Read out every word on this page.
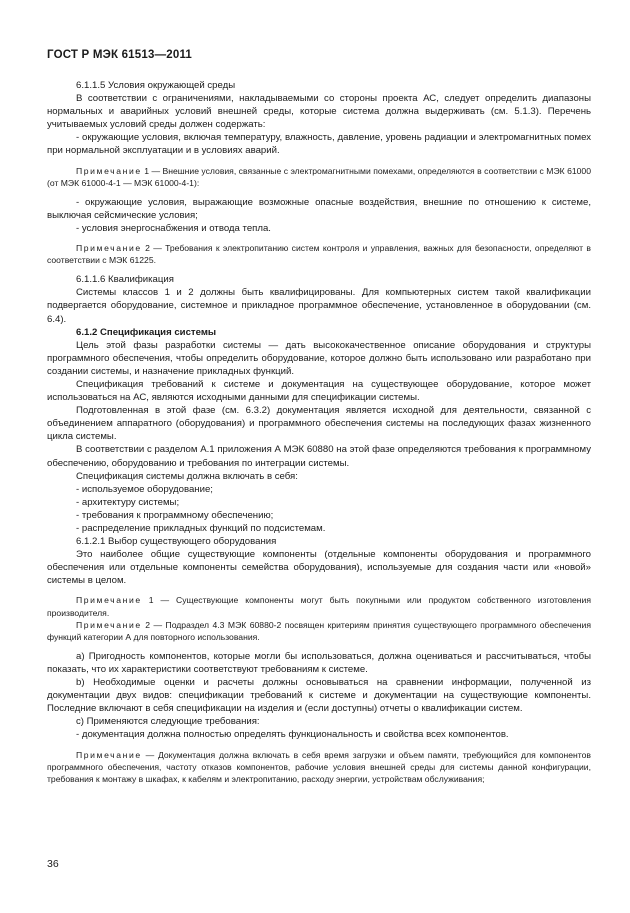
ГОСТ Р МЭК 61513—2011

6.1.1.5 Условия окружающей среды

В соответствии с ограничениями, накладываемыми со стороны проекта АС, следует определить диапазоны нормальных и аварийных условий внешней среды, которые система должна выдерживать (см. 5.1.3). Перечень учитываемых условий среды должен содержать:

- окружающие условия, включая температуру, влажность, давление, уровень радиации и электромагнитных помех при нормальной эксплуатации и в условиях аварий.

Примечание 1 — Внешние условия, связанные с электромагнитными помехами, определяются в соответствии с МЭК 61000 (от МЭК 61000-4-1 — МЭК 61000-4-1):

- окружающие условия, выражающие возможные опасные воздействия, внешние по отношению к системе, выключая сейсмические условия;

- условия энергоснабжения и отвода тепла.

Примечание 2 — Требования к электропитанию систем контроля и управления, важных для безопасности, определяют в соответствии с МЭК 61225.

6.1.1.6 Квалификация

Системы классов 1 и 2 должны быть квалифицированы. Для компьютерных систем такой квалификации подвергается оборудование, системное и прикладное программное обеспечение, установленное в оборудовании (см. 6.4).

6.1.2 Спецификация системы

Цель этой фазы разработки системы — дать высококачественное описание оборудования и структуры программного обеспечения, чтобы определить оборудование, которое должно быть использовано или разработано при создании системы, и назначение прикладных функций.

Спецификация требований к системе и документация на существующее оборудование, которое может использоваться на АС, являются исходными данными для спецификации системы.

Подготовленная в этой фазе (см. 6.3.2) документация является исходной для деятельности, связанной с объединением аппаратного (оборудования) и программного обеспечения системы на последующих фазах жизненного цикла системы.

В соответствии с разделом А.1 приложения А МЭК 60880 на этой фазе определяются требования к программному обеспечению, оборудованию и требования по интеграции системы.

Спецификация системы должна включать в себя:

- используемое оборудование;

- архитектуру системы;

- требования к программному обеспечению;

- распределение прикладных функций по подсистемам.

6.1.2.1 Выбор существующего оборудования

Это наиболее общие существующие компоненты (отдельные компоненты оборудования и программного обеспечения или отдельные компоненты семейства оборудования), используемые для создания части или «новой» системы в целом.

Примечание 1 — Существующие компоненты могут быть покупными или продуктом собственного изготовления производителя.

Примечание 2 — Подраздел 4.3 МЭК 60880-2 посвящен критериям принятия существующего программного обеспечения функций категории А для повторного использования.

а) Пригодность компонентов, которые могли бы использоваться, должна оцениваться и рассчитываться, чтобы показать, что их характеристики соответствуют требованиям к системе.

b) Необходимые оценки и расчеты должны основываться на сравнении информации, полученной из документации двух видов: спецификации требований к системе и документации на существующие компоненты. Последние включают в себя спецификации на изделия и (если доступны) отчеты о квалификации систем.

с) Применяются следующие требования:

- документация должна полностью определять функциональность и свойства всех компонентов.

Примечание — Документация должна включать в себя время загрузки и объем памяти, требующийся для компонентов программного обеспечения, частоту отказов компонентов, рабочие условия внешней среды для системы данной конфигурации, требования к монтажу в шкафах, к кабелям и электропитанию, расходу энергии, устройствам обслуживания;

36
